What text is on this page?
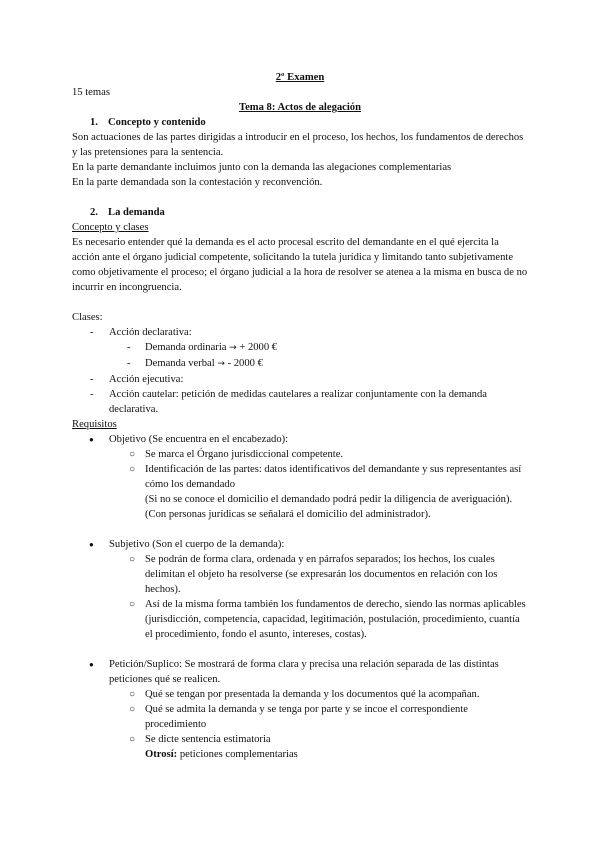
2º Examen

15 temas

Tema 8: Actos de alegación

1. Concepto y contenido

Son actuaciones de las partes dirigidas a introducir en el proceso, los hechos, los fundamentos de derechos y las pretensiones para la sentencia.

En la parte demandante incluimos junto con la demanda las alegaciones complementarias

En la parte demandada son la contestación y reconvención.

2. La demanda

Concepto y clases

Es necesario entender qué la demanda es el acto procesal escrito del demandante en el qué ejercita la acción ante el órgano judicial competente, solicitando la tutela jurídica y limitando tanto subjetivamente como objetivamente el proceso; el órgano judicial a la hora de resolver se atenea a la misma en busca de no incurrir en incongruencia.

Clases:

- Acción declarativa:
- Demanda ordinaria → + 2000 €
- Demanda verbal → - 2000 €
- Acción ejecutiva:
- Acción cautelar: petición de medidas cautelares a realizar conjuntamente con la demanda declarativa.

Requisitos

● Objetivo (Se encuentra en el encabezado):
○ Se marca el Órgano jurisdiccional competente.
○ Identificación de las partes: datos identificativos del demandante y sus representantes así cómo los demandado

(Si no se conoce el domicilio el demandado podrá pedir la diligencia de averiguación).

(Con personas jurídicas se señalará el domicilio del administrador).

● Subjetivo (Son el cuerpo de la demanda):
○ Se podrán de forma clara, ordenada y en párrafos separados; los hechos, los cuales delimitan el objeto ha resolverse (se expresarán los documentos en relación con los hechos).
○ Así de la misma forma también los fundamentos de derecho, siendo las normas aplicables (jurisdicción, competencia, capacidad, legitimación, postulación, procedimiento, cuantía el procedimiento, fondo el asunto, intereses, costas).
● Petición/Suplico: Se mostrará de forma clara y precisa una relación separada de las distintas peticiones qué se realicen.
○ Qué se tengan por presentada la demanda y los documentos qué la acompañan.
○ Qué se admita la demanda y se tenga por parte y se incoe el correspondiente procedimiento
○ Se dicte sentencia estimatoria

Otrosí: peticiones complementarias
